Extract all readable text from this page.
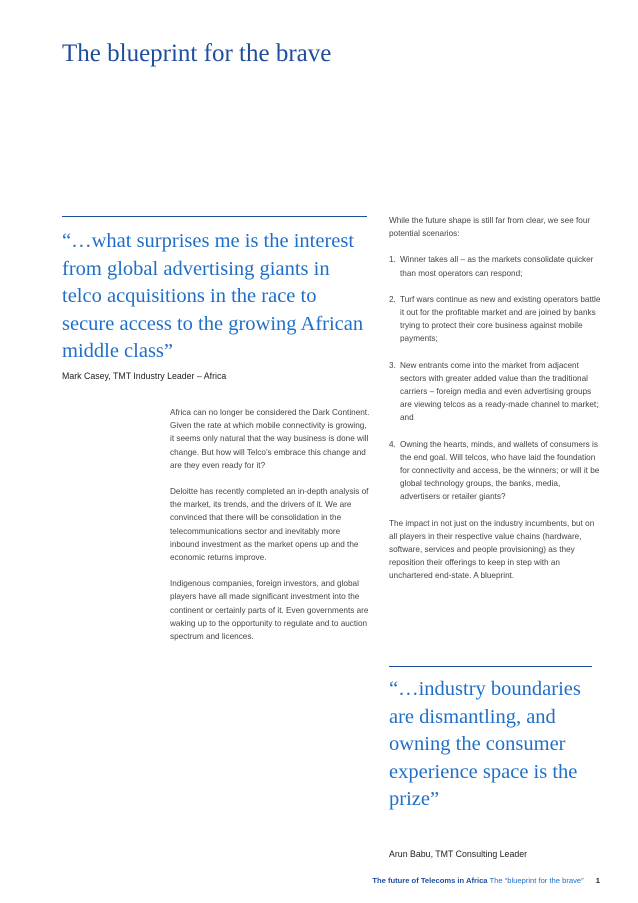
The blueprint for the brave
“…what surprises me is the interest from global advertising giants in telco acquisitions in the race to secure access to the growing African middle class”
Mark Casey, TMT Industry Leader – Africa

Africa can no longer be considered the Dark Continent. Given the rate at which mobile connectivity is growing, it seems only natural that the way business is done will change. But how will Telco’s embrace this change and are they even ready for it?

Deloitte has recently completed an in-depth analysis of the market, its trends, and the drivers of it. We are convinced that there will be consolidation in the telecommunications sector and inevitably more inbound investment as the market opens up and the economic returns improve.

Indigenous companies, foreign investors, and global players have all made significant investment into the continent or certainly parts of it. Even governments are waking up to the opportunity to regulate and to auction spectrum and licences.

While the future shape is still far from clear, we see four potential scenarios:

1. Winner takes all – as the markets consolidate quicker than most operators can respond;
2. Turf wars continue as new and existing operators battle it out for the profitable market and are joined by banks trying to protect their core business against mobile payments;
3. New entrants come into the market from adjacent sectors with greater added value than the traditional carriers – foreign media and even advertising groups are viewing telcos as a ready-made channel to market; and
4. Owning the hearts, minds, and wallets of consumers is the end goal. Will telcos, who have laid the foundation for connectivity and access, be the winners; or will it be global technology groups, the banks, media, advertisers or retailer giants?

The impact in not just on the industry incumbents, but on all players in their respective value chains (hardware, software, services and people provisioning) as they reposition their offerings to keep in step with an unchartered end-state. A blueprint.

“…industry boundaries are dismantling, and owning the consumer experience space is the prize”
Arun Babu, TMT Consulting Leader
The future of Telecoms in Africa The “blueprint for the brave” 1
